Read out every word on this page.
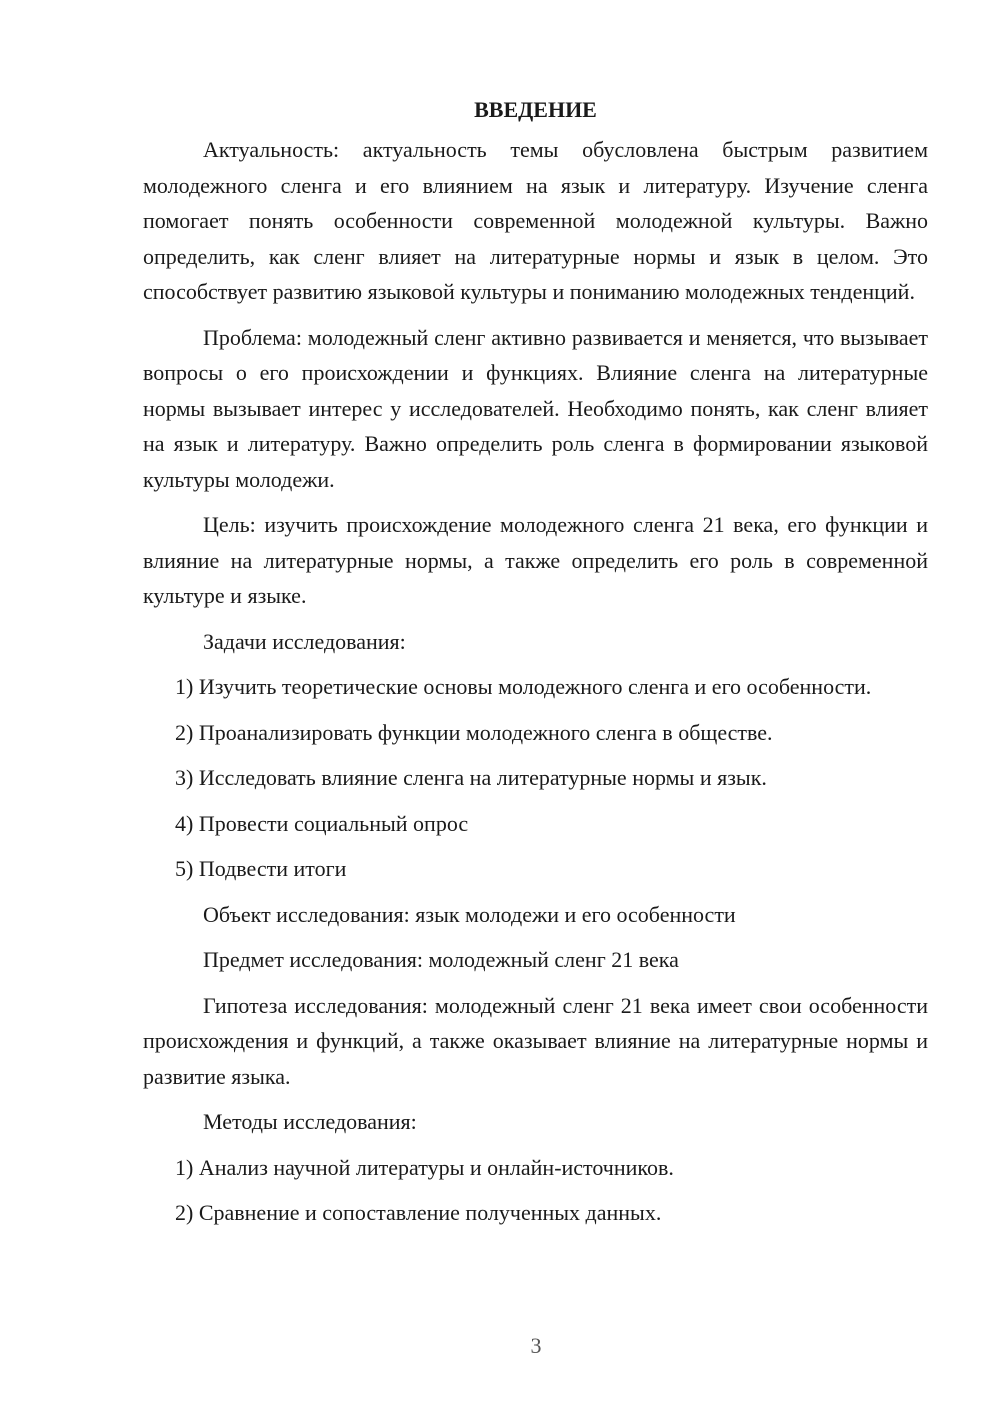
ВВЕДЕНИЕ

Актуальность: актуальность темы обусловлена быстрым развитием молодежного сленга и его влиянием на язык и литературу. Изучение сленга помогает понять особенности современной молодежной культуры. Важно определить, как сленг влияет на литературные нормы и язык в целом. Это способствует развитию языковой культуры и пониманию молодежных тенденций.

Проблема: молодежный сленг активно развивается и меняется, что вызывает вопросы о его происхождении и функциях. Влияние сленга на литературные нормы вызывает интерес у исследователей. Необходимо понять, как сленг влияет на язык и литературу. Важно определить роль сленга в формировании языковой культуры молодежи.

Цель: изучить происхождение молодежного сленга 21 века, его функции и влияние на литературные нормы, а также определить его роль в современной культуре и языке.

Задачи исследования:

1) Изучить теоретические основы молодежного сленга и его особенности.

2) Проанализировать функции молодежного сленга в обществе.

3) Исследовать влияние сленга на литературные нормы и язык.

4) Провести социальный опрос

5) Подвести итоги

Объект исследования: язык молодежи и его особенности

Предмет исследования: молодежный сленг 21 века

Гипотеза исследования: молодежный сленг 21 века имеет свои особенности происхождения и функций, а также оказывает влияние на литературные нормы и развитие языка.

Методы исследования:

1) Анализ научной литературы и онлайн-источников.

2) Сравнение и сопоставление полученных данных.

3
